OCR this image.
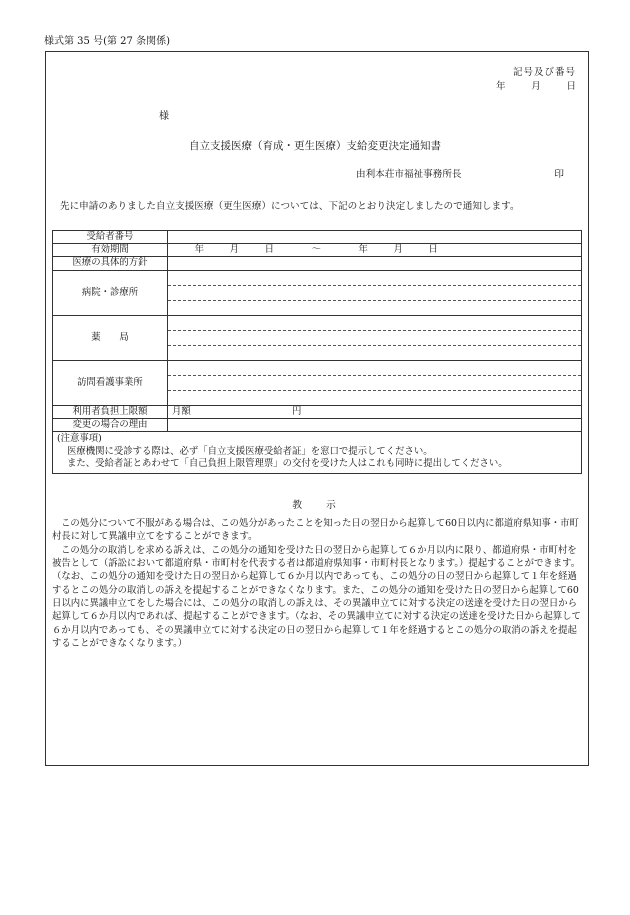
様式第 35 号(第 27 条関係)
記号及び番号
年	月	日
様
自立支援医療（育成・更生医療）支給変更決定通知書
由利本荘市福祉事務所長	印
先に申請のありました自立支援医療（更生医療）については、下記のとおり決定しましたので通知します。
受給者番号	
有効期間	年 月 日 〜 年 月 日
医療の具体的方針	
病院・診療所	

薬　　局	

訪問看護事業所	

利用者負担上限額	月額 円
変更の場合の理由	

(注意事項)
医療機関に受診する際は、必ず「自立支援医療受給者証」を窓口で提示してください。
また、受給者証とあわせて「自己負担上限管理票」の交付を受けた人はこれも同時に提出してください。	
教 示

この処分について不服がある場合は、この処分があったことを知った日の翌日から起算して60日以内に都道府県知事・市町村長に対して異議申立てをすることができます。

この処分の取消しを求める訴えは、この処分の通知を受けた日の翌日から起算して６か月以内に限り、都道府県・市町村を被告として（訴訟において都道府県・市町村を代表する者は都道府県知事・市町村長となります。）提起することができます。（なお、この処分の通知を受けた日の翌日から起算して６か月以内であっても、この処分の日の翌日から起算して１年を経過するとこの処分の取消しの訴えを提起することができなくなります。また、この処分の通知を受けた日の翌日から起算して60日以内に異議申立てをした場合には、この処分の取消しの訴えは、その異議申立てに対する決定の送達を受けた日の翌日から起算して６か月以内であれば、提起することができます。（なお、その異議申立てに対する決定の送達を受けた日から起算して６か月以内であっても、その異議申立てに対する決定の日の翌日から起算して１年を経過するとこの処分の取消の訴えを提起することができなくなります。）
